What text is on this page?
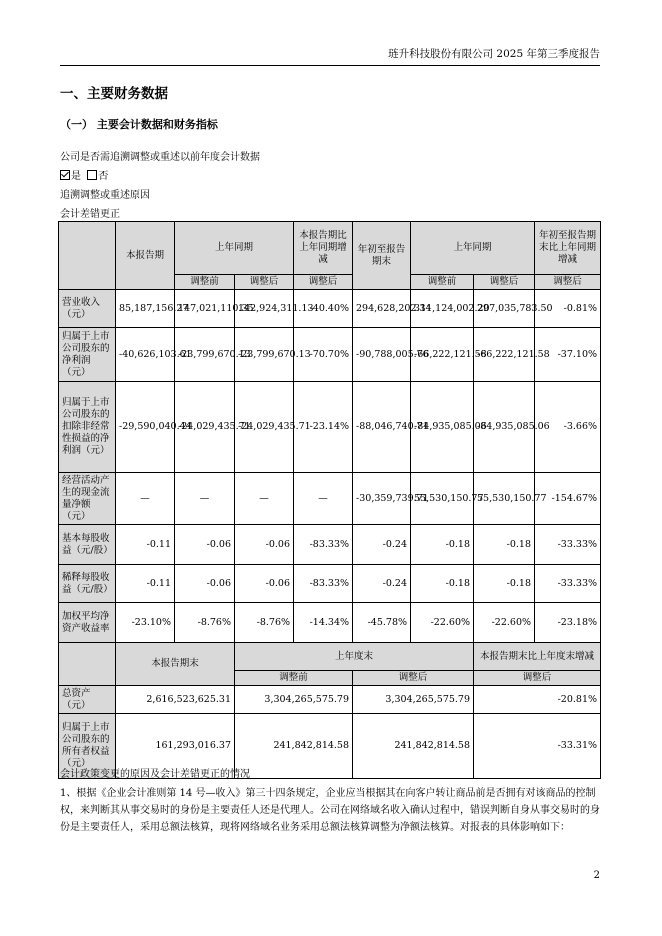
琏升科技股份有限公司 2025 年第三季度报告
一、主要财务数据
（一） 主要会计数据和财务指标
公司是否需追溯调整或重述以前年度会计数据
是 否
追溯调整或重述原因
会计差错更正
	本报告期	上年同期		本报告期比上年同期增减	年初至报告期末	上年同期		年初至报告期末比上年同期增减
		调整前	调整后	调整后		调整前	调整后	调整后
营业收入（元）	85,187,156.27	147,021,110.35	142,924,311.13	-40.40%	294,628,202.34	311,124,002.20	297,035,783.50	-0.81%
归属于上市公司股东的净利润（元）	-40,626,103.61	-23,799,670.13	-23,799,670.13	-70.70%	-90,788,005.76	-66,222,121.58	-66,222,121.58	-37.10%
归属于上市公司股东的扣除非经常性损益的净利润（元）	-29,590,040.44	-24,029,435.71	-24,029,435.71	-23.14%	-88,046,740.71	-84,935,085.06	-84,935,085.06	-3.66%
经营活动产生的现金流量净额（元）	—	—	—	—	-30,359,739.71	55,530,150.77	55,530,150.77	-154.67%
基本每股收益（元/股）	-0.11	-0.06	-0.06	-83.33%	-0.24	-0.18	-0.18	-33.33%
稀释每股收益（元/股）	-0.11	-0.06	-0.06	-83.33%	-0.24	-0.18	-0.18	-33.33%
加权平均净资产收益率	-23.10%	-8.76%	-8.76%	-14.34%	-45.78%	-22.60%	-22.60%	-23.18%
	本报告期末		上年度末				本报告期末比上年度末增减	
			调整前		调整后		调整后	
总资产（元）	2,616,523,625.31		3,304,265,575.79		3,304,265,575.79		-20.81%	
归属于上市公司股东的所有者权益（元）	161,293,016.37		241,842,814.58		241,842,814.58		-33.31%	
会计政策变更的原因及会计差错更正的情况
1、根据《企业会计准则第 14 号—收入》第三十四条规定，企业应当根据其在向客户转让商品前是否拥有对该商品的控制权，来判断其从事交易时的身份是主要责任人还是代理人。公司在网络域名收入确认过程中，错误判断自身从事交易时的身份是主要责任人，采用总额法核算，现将网络域名业务采用总额法核算调整为净额法核算。对报表的具体影响如下：
2
